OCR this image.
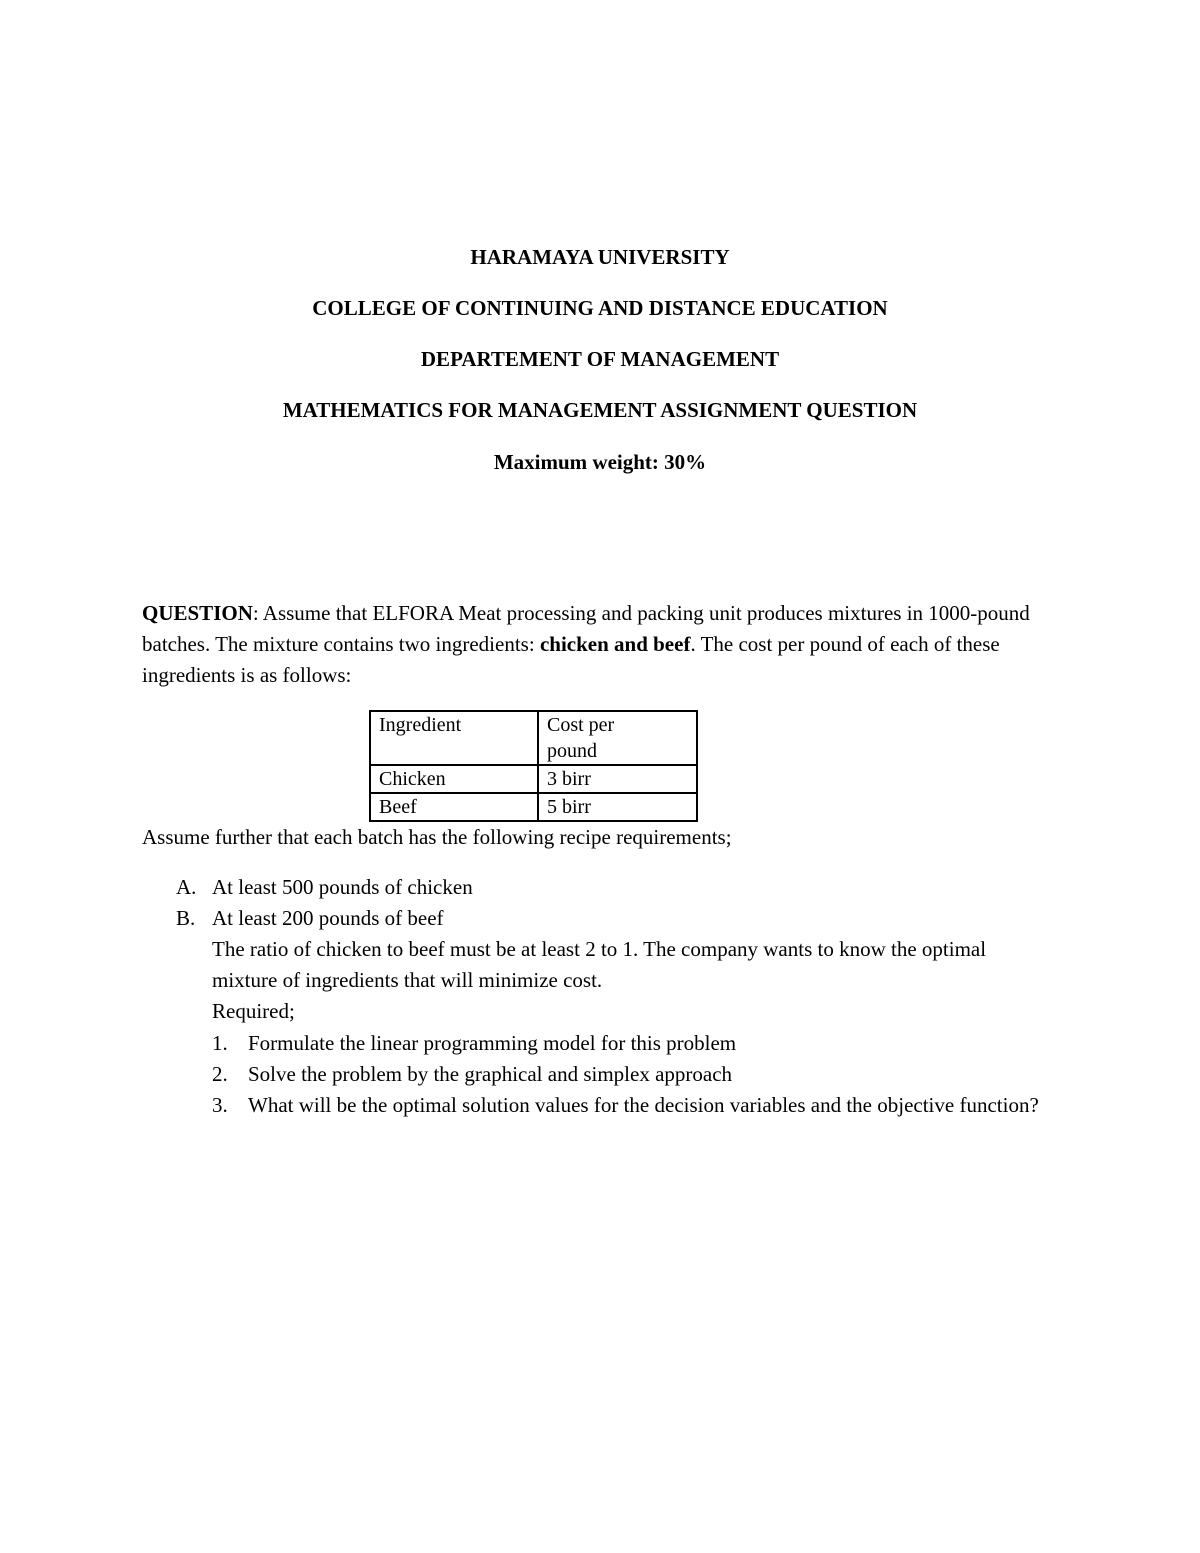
HARAMAYA UNIVERSITY
COLLEGE OF CONTINUING AND DISTANCE EDUCATION
DEPARTEMENT OF MANAGEMENT
MATHEMATICS FOR MANAGEMENT ASSIGNMENT QUESTION
Maximum weight: 30%
QUESTION: Assume that ELFORA Meat processing and packing unit produces mixtures in 1000-pound batches. The mixture contains two ingredients: chicken and beef. The cost per pound of each of these ingredients is as follows:
Ingredient	Cost per pound
Chicken	3 birr
Beef	5 birr
Assume further that each batch has the following recipe requirements;
A. At least 500 pounds of chicken
B. At least 200 pounds of beef
The ratio of chicken to beef must be at least 2 to 1. The company wants to know the optimal mixture of ingredients that will minimize cost.
Required;
1. Formulate the linear programming model for this problem
2. Solve the problem by the graphical and simplex approach
3. What will be the optimal solution values for the decision variables and the objective function?
